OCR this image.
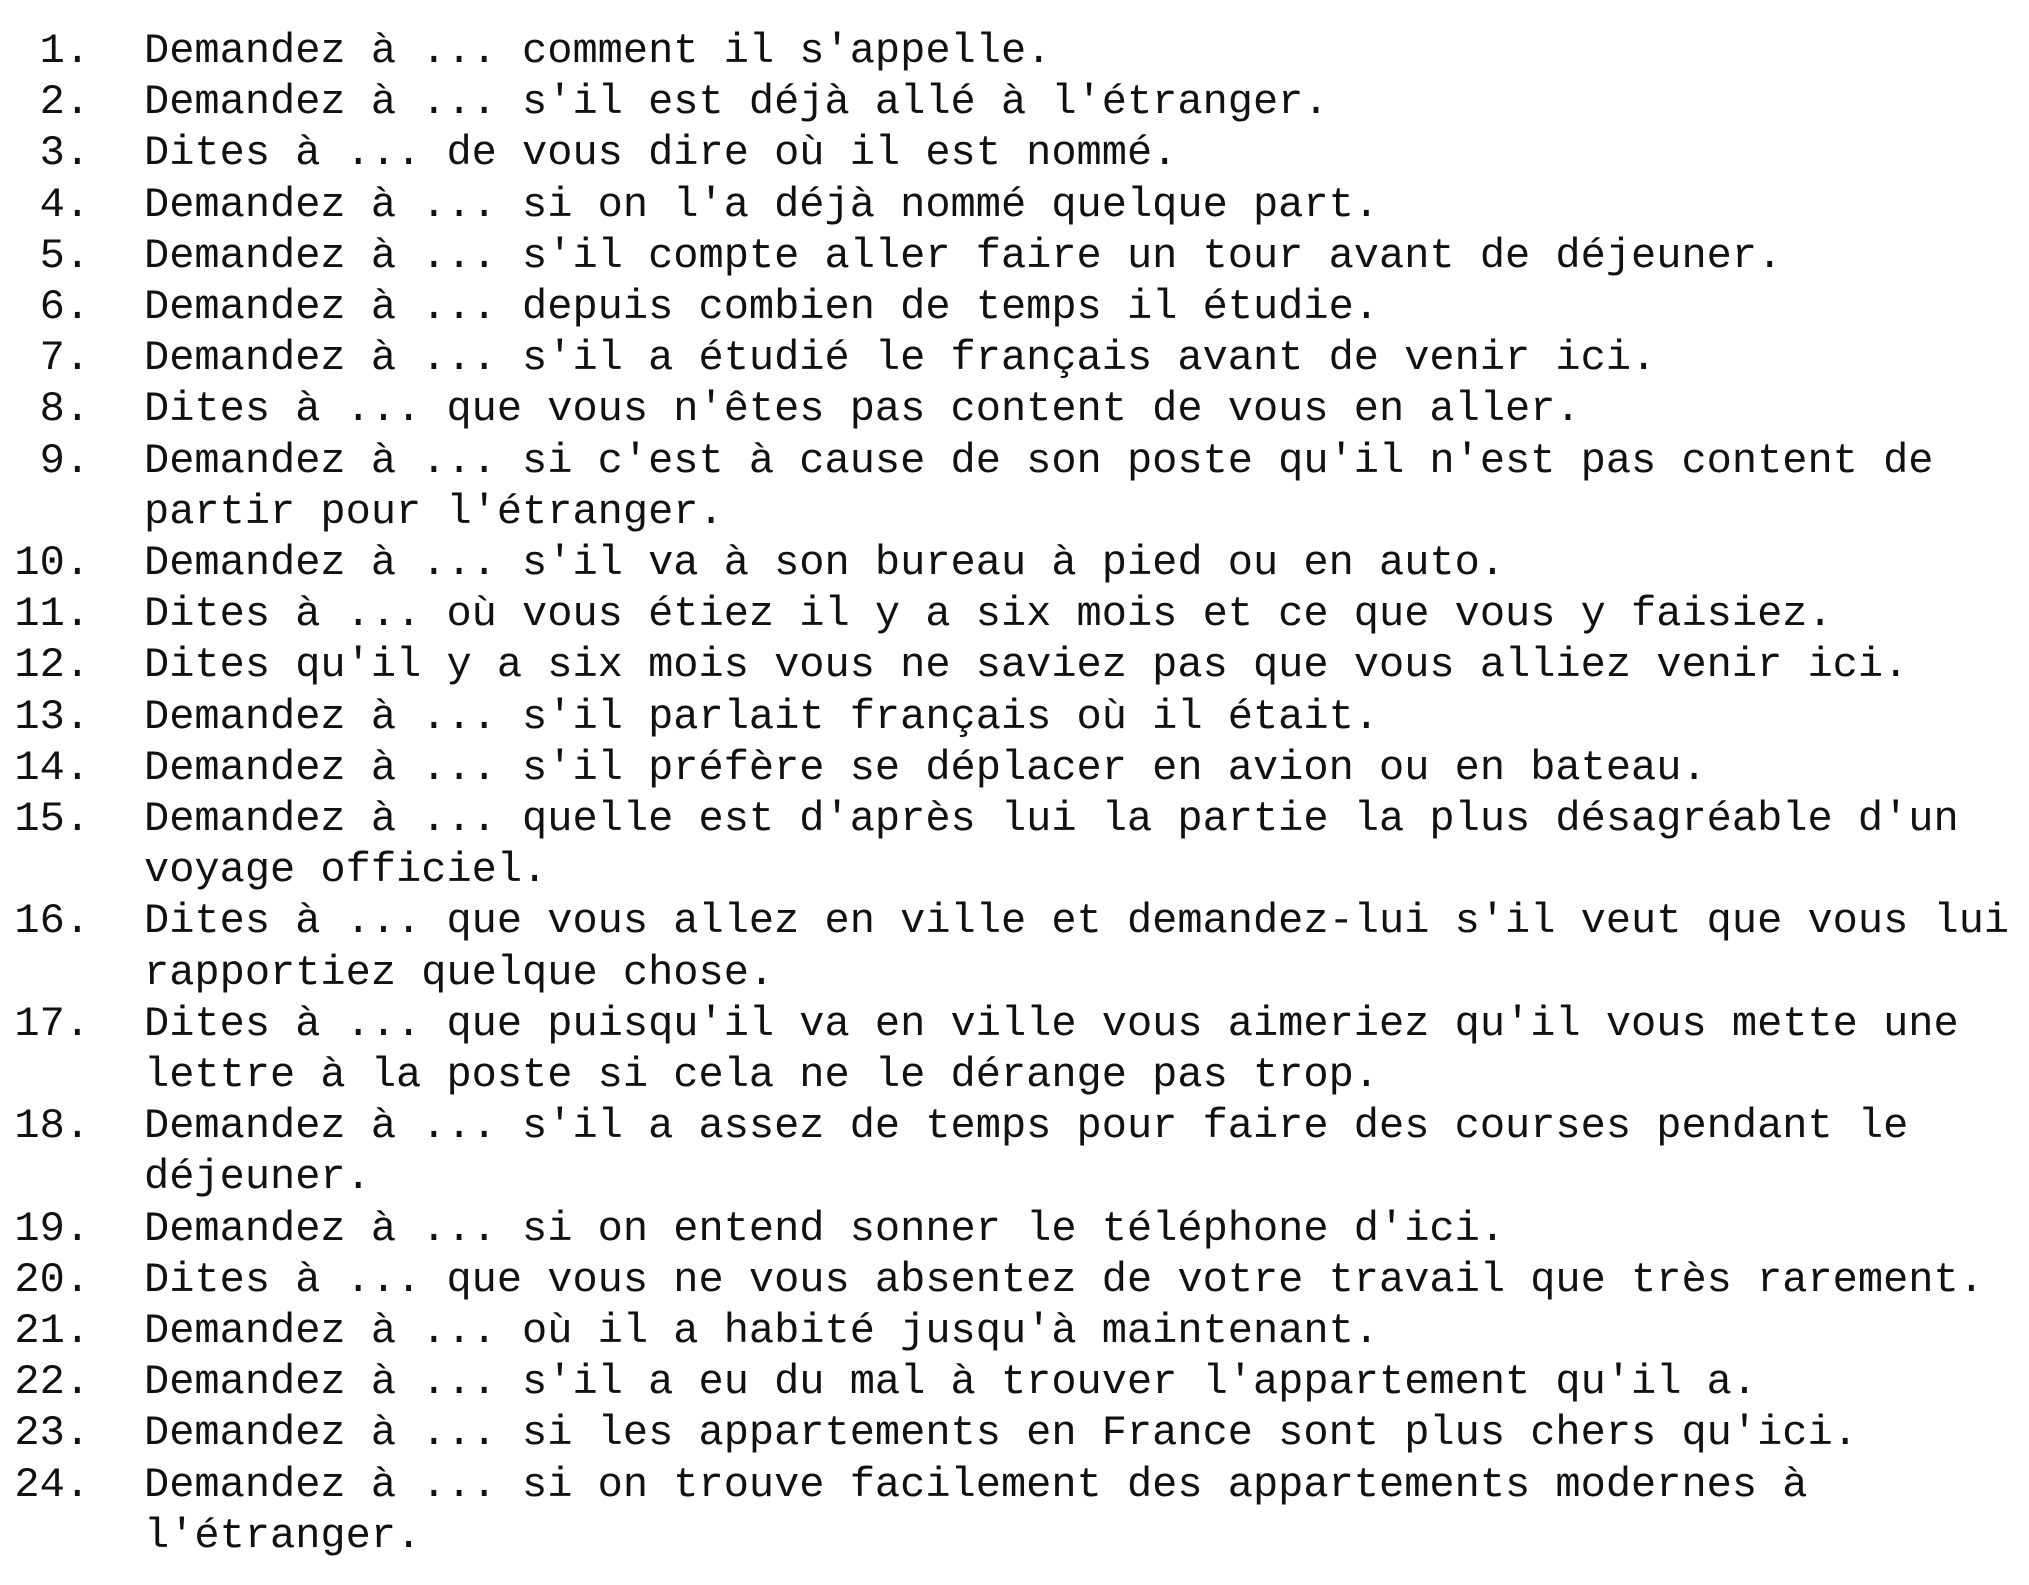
1.	Demandez à ... comment il s'appelle.
2.	Demandez à ... s'il est déjà allé à l'étranger.
3.	Dites à ... de vous dire où il est nommé.
4.	Demandez à ... si on l'a déjà nommé quelque part.
5.	Demandez à ... s'il compte aller faire un tour avant de déjeuner.
6.	Demandez à ... depuis combien de temps il étudie.
7.	Demandez à ... s'il a étudié le français avant de venir ici.
8.	Dites à ... que vous n'êtes pas content de vous en aller.
9.	Demandez à ... si c'est à cause de son poste qu'il n'est pas content de
partir pour l'étranger.
10.	Demandez à ... s'il va à son bureau à pied ou en auto.
11.	Dites à ... où vous étiez il y a six mois et ce que vous y faisiez.
12.	Dites qu'il y a six mois vous ne saviez pas que vous alliez venir ici.
13.	Demandez à ... s'il parlait français où il était.
14.	Demandez à ... s'il préfère se déplacer en avion ou en bateau.
15.	Demandez à ... quelle est d'après lui la partie la plus désagréable d'un
voyage officiel.
16.	Dites à ... que vous allez en ville et demandez-lui s'il veut que vous lui
rapportiez quelque chose.
17.	Dites à ... que puisqu'il va en ville vous aimeriez qu'il vous mette une
lettre à la poste si cela ne le dérange pas trop.
18.	Demandez à ... s'il a assez de temps pour faire des courses pendant le
déjeuner.
19.	Demandez à ... si on entend sonner le téléphone d'ici.
20.	Dites à ... que vous ne vous absentez de votre travail que très rarement.
21.	Demandez à ... où il a habité jusqu'à maintenant.
22.	Demandez à ... s'il a eu du mal à trouver l'appartement qu'il a.
23.	Demandez à ... si les appartements en France sont plus chers qu'ici.
24.	Demandez à ... si on trouve facilement des appartements modernes à
l'étranger.
